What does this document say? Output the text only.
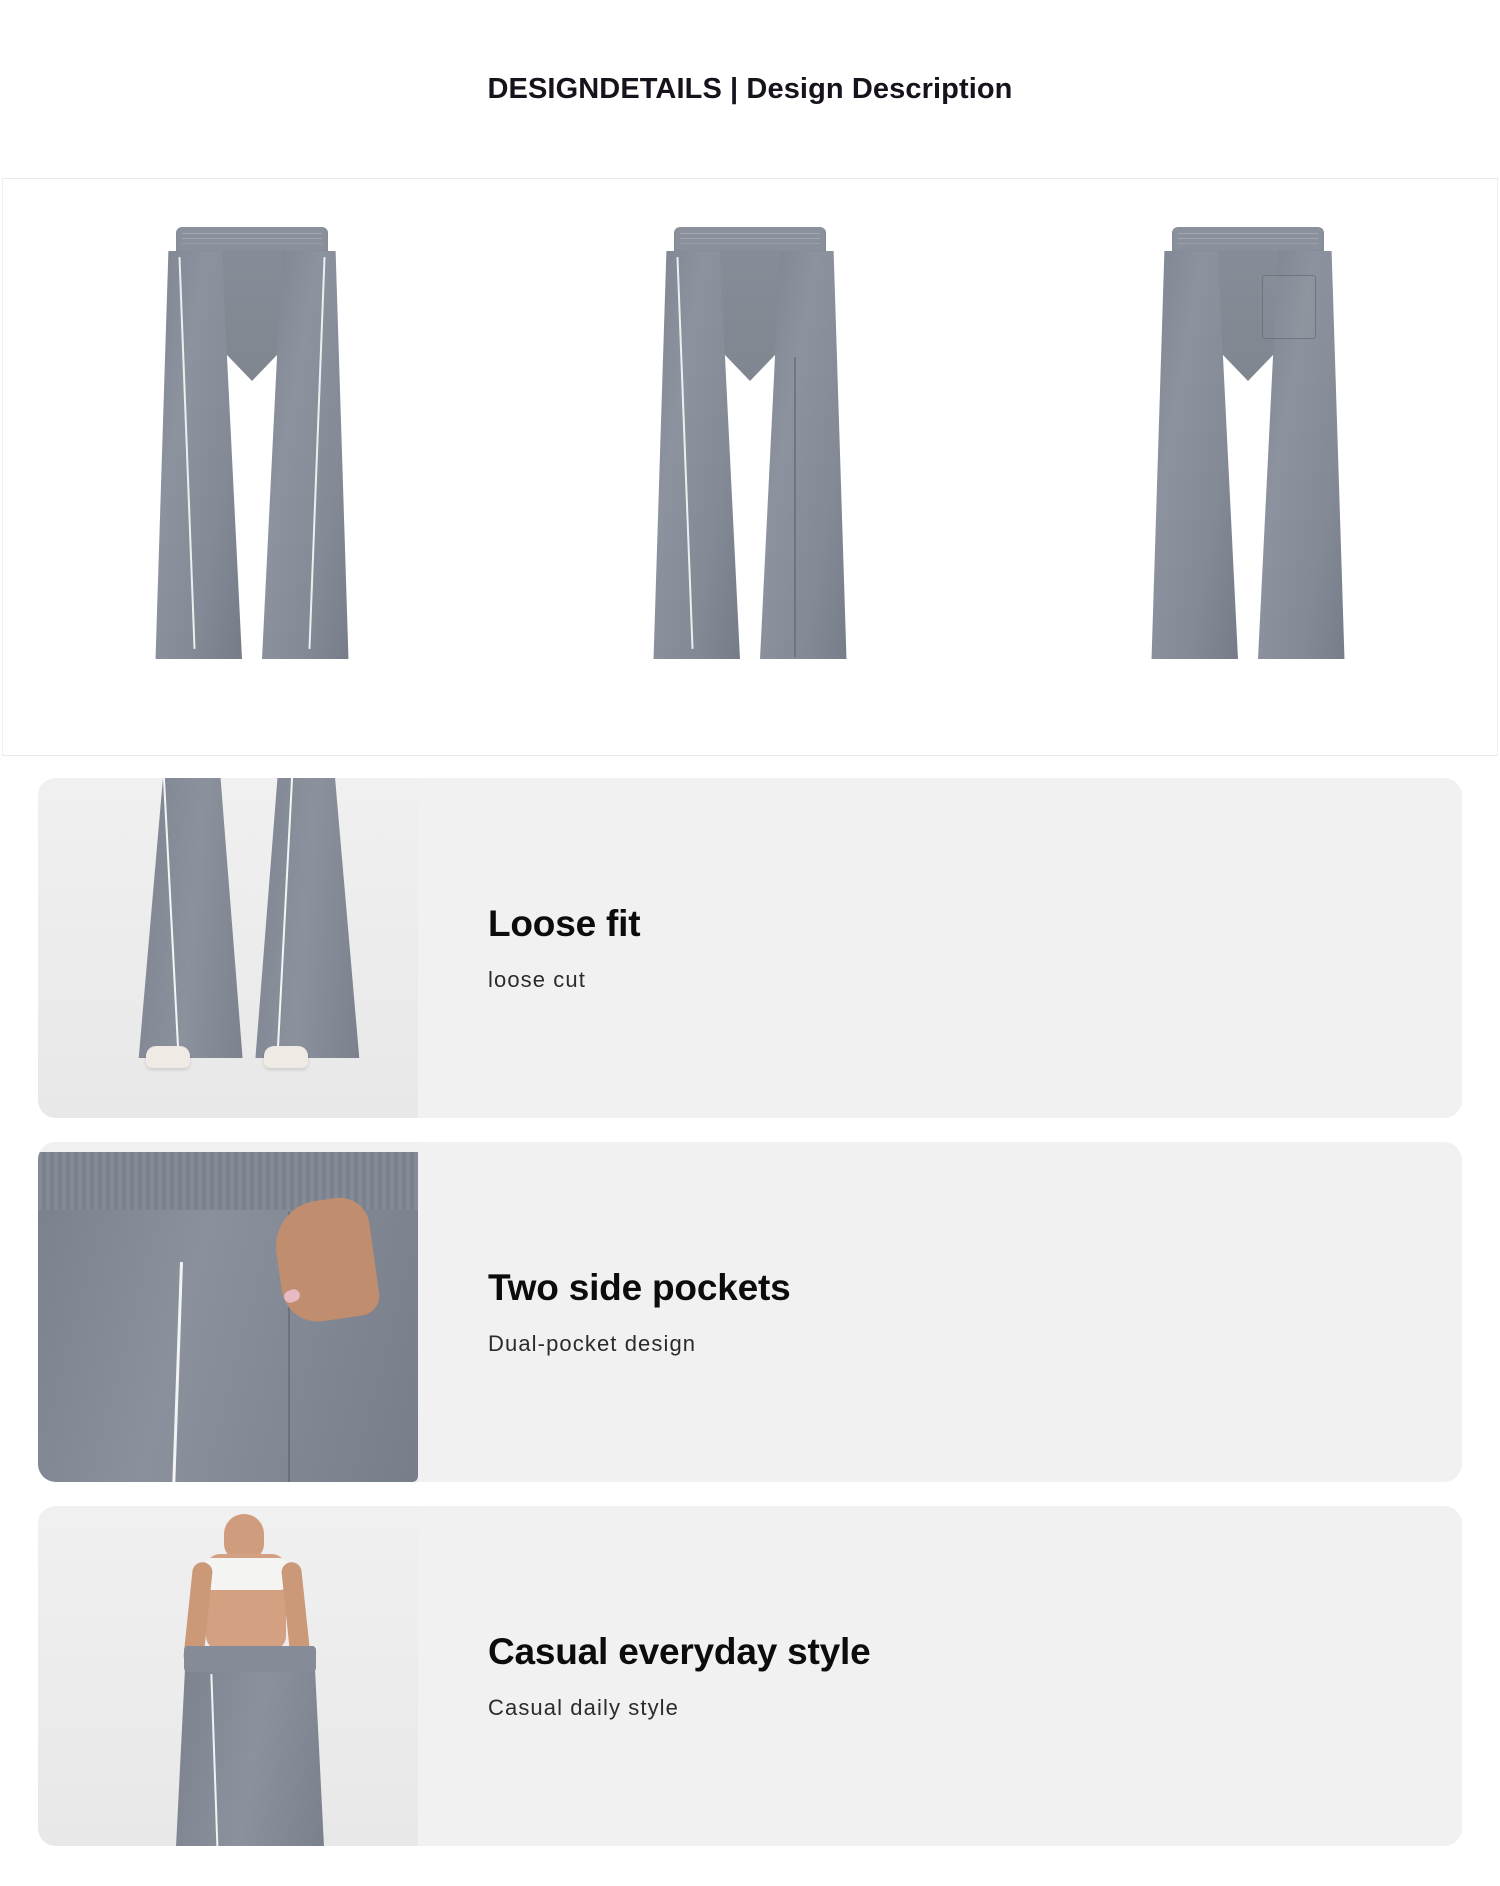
DESIGNDETAILS | Design Description
Loose fit
loose cut
Two side pockets
Dual-pocket design
Casual everyday style
Casual daily style
